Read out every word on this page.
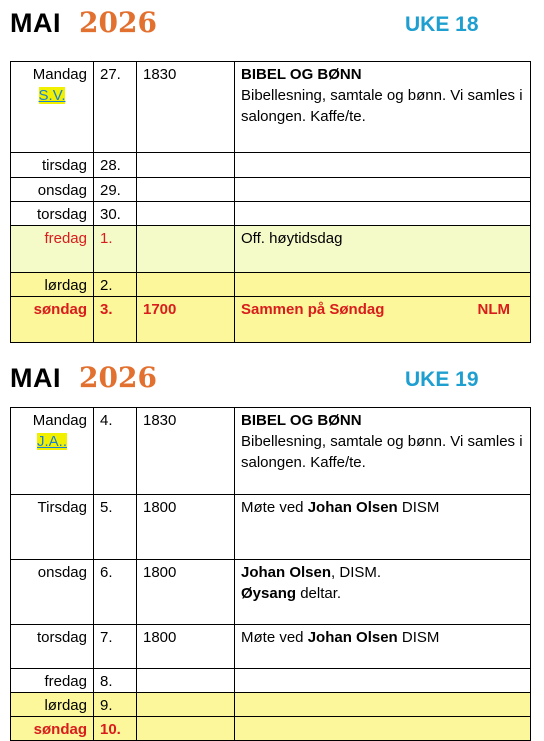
MAI 2026	UKE 18
Mandag
S.V.	27.	1830	BIBEL OG BØNN
Bibellesning, samtale og bønn. Vi samles i salongen. Kaffe/te.
tirsdag	28.		
onsdag	29.		
torsdag	30.		
fredag	1.		Off. høytidsdag
lørdag	2.		
søndag	3.	1700	Sammen på Søndag NLM
MAI 2026	UKE 19
Mandag
J.A..	4.	1830	BIBEL OG BØNN
Bibellesning, samtale og bønn. Vi samles i salongen. Kaffe/te.
Tirsdag	5.	1800	Møte ved Johan Olsen DISM
onsdag	6.	1800	Johan Olsen, DISM.
Øysang deltar.
torsdag	7.	1800	Møte ved Johan Olsen DISM
fredag	8.		
lørdag	9.		
søndag	10.		
